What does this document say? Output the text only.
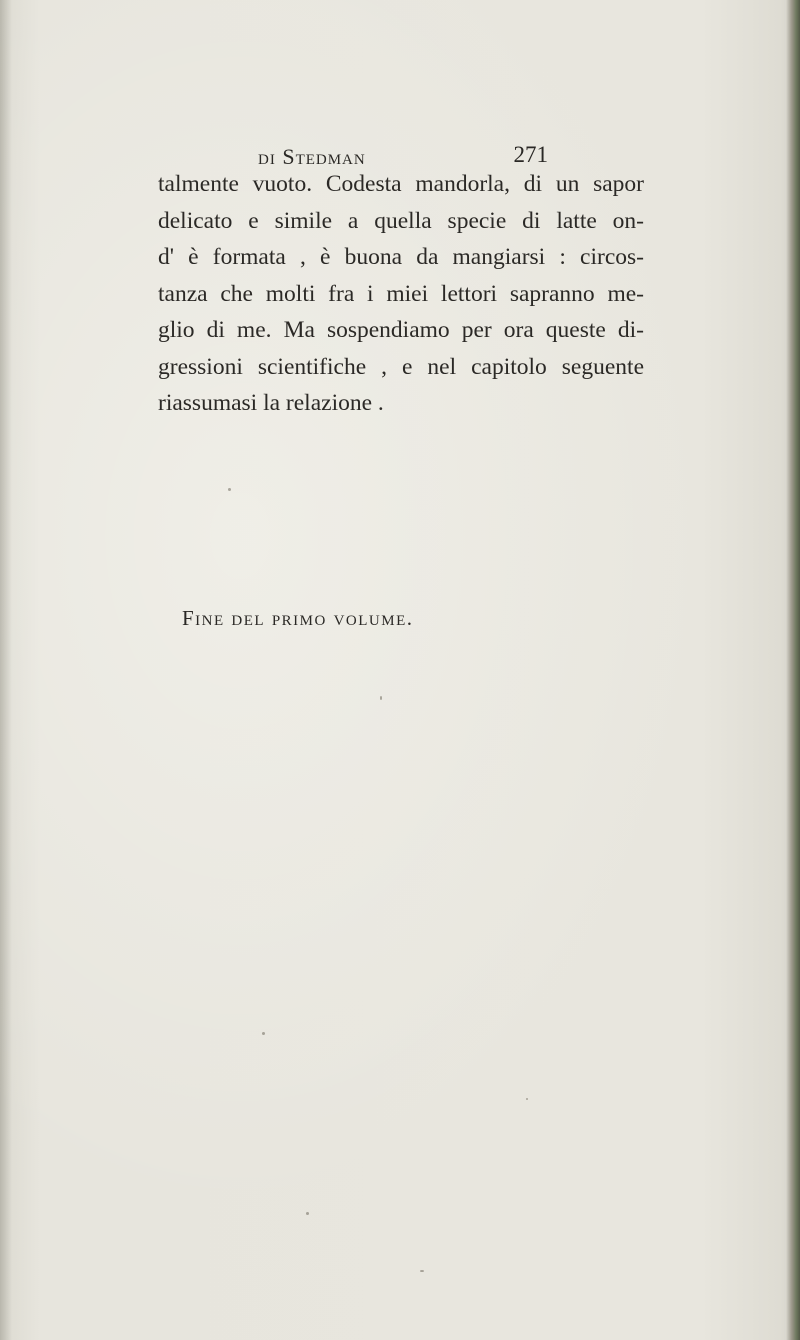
di Stedman	271
talmente vuoto. Codesta mandorla, di un sapor
delicato e simile a quella specie di latte on-
d' è formata , è buona da mangiarsi : circos-
tanza che molti fra i miei lettori sapranno me-
glio di me. Ma sospendiamo per ora queste di-
gressioni scientifiche , e nel capitolo seguente
riassumasi la relazione .
Fine del primo volume.
